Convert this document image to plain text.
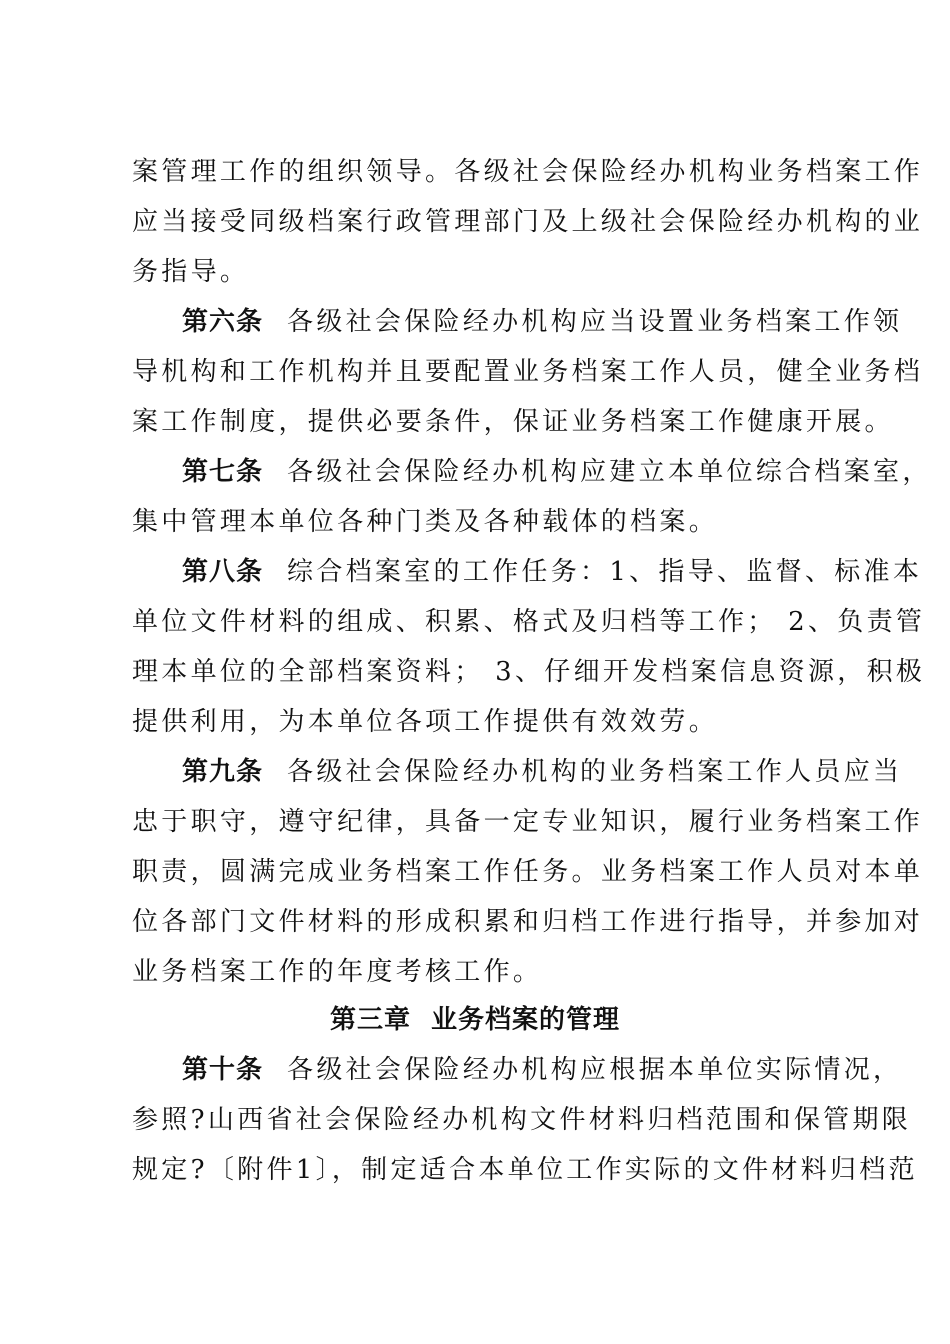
案管理工作的组织领导。各级社会保险经办机构业务档案工作
应当接受同级档案行政管理部门及上级社会保险经办机构的业
务指导。
第六条 各级社会保险经办机构应当设置业务档案工作领
导机构和工作机构并且要配置业务档案工作人员，健全业务档
案工作制度，提供必要条件，保证业务档案工作健康开展。
第七条 各级社会保险经办机构应建立本单位综合档案室，
集中管理本单位各种门类及各种载体的档案。
第八条 综合档案室的工作任务：1、指导、监督、标准本
单位文件材料的组成、积累、格式及归档等工作； 2、负责管
理本单位的全部档案资料； 3、仔细开发档案信息资源，积极
提供利用，为本单位各项工作提供有效效劳。
第九条 各级社会保险经办机构的业务档案工作人员应当
忠于职守，遵守纪律，具备一定专业知识，履行业务档案工作
职责，圆满完成业务档案工作任务。业务档案工作人员对本单
位各部门文件材料的形成积累和归档工作进行指导，并参加对
业务档案工作的年度考核工作。
第三章 业务档案的管理
第十条 各级社会保险经办机构应根据本单位实际情况，
参照?山西省社会保险经办机构文件材料归档范围和保管期限
规定?〔附件1〕，制定适合本单位工作实际的文件材料归档范
